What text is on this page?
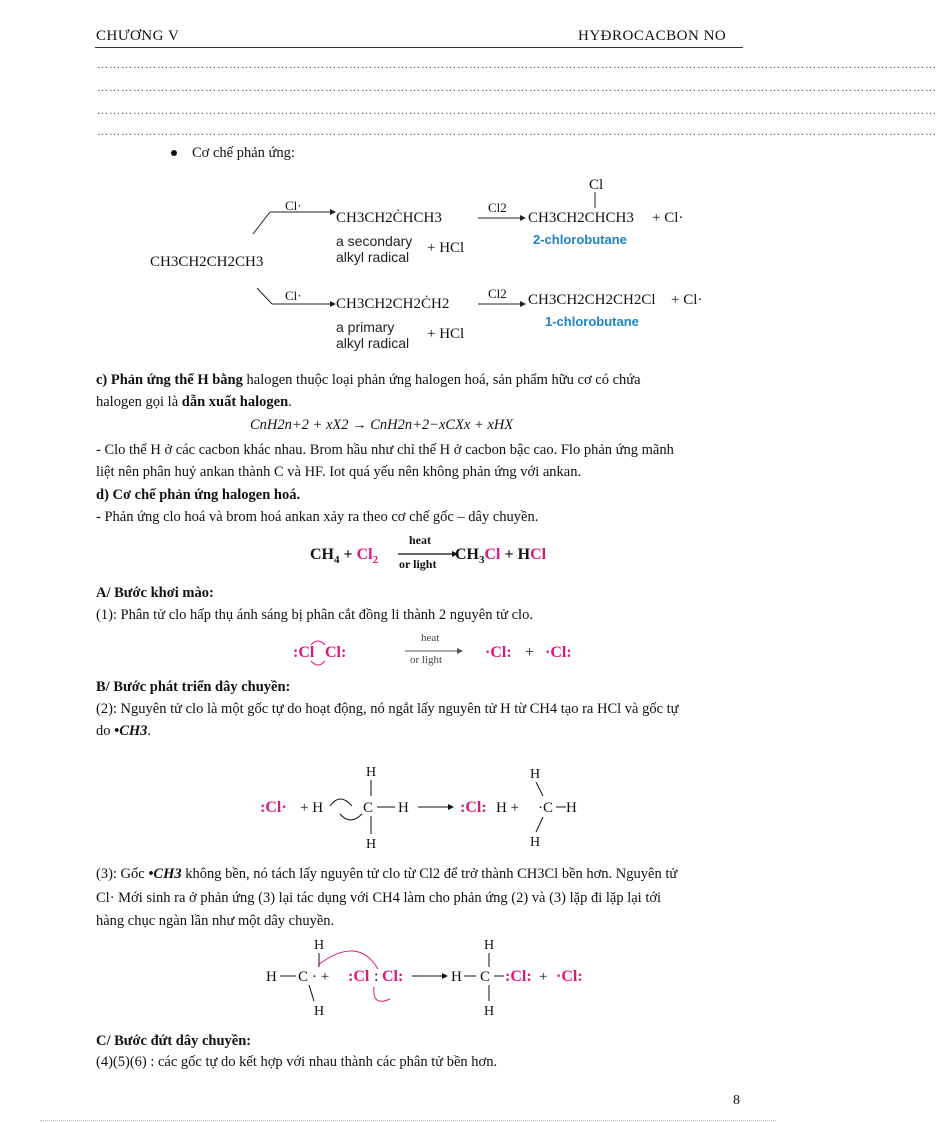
CHƯƠNG V	HYĐROCACBON NO
…………………………………………………………………………………………………………………………………………………………………………………………
…………………………………………………………………………………………………………………………………………………………………………………………
…………………………………………………………………………………………………………………………………………………………………………………………
…………………………………………………………………………………………………………………………………………………………………………………………
Cơ chế phản ứng:
CH3CH2CH2CH3
Cl·
Cl·
CH3CH2ĊHCH3
a secondary
alkyl radical
+ HCl
Cl2
Cl
CH3CH2CHCH3 + Cl·
2-chlorobutane
CH3CH2CH2ĊH2
a primary
alkyl radical
+ HCl
Cl2 CH3CH2CH2CH2Cl + Cl·
1-chlorobutane
c) Phản ứng thế H bằng halogen thuộc loại phản ứng halogen hoá, sản phẩm hữu cơ có chứa
halogen gọi là dẫn xuất halogen.
CnH2n+2 + xX2 → CnH2n+2−xCXx + xHX
- Clo thế H ở các cacbon khác nhau. Brom hầu như chỉ thế H ở cacbon bậc cao. Flo phản ứng mãnh
liệt nên phân huỷ ankan thành C và HF. Iot quá yếu nên không phản ứng với ankan.
d) Cơ chế phản ứng halogen hoá.
- Phản ứng clo hoá và brom hoá ankan xảy ra theo cơ chế gốc – dây chuyền.
$CH_4 + Cl_2$	$CH_3Cl$ + HCl
heat
or light
A/ Bước khơi mào:
(1): Phân tử clo hấp thụ ánh sáng bị phân cắt đồng li thành 2 nguyên tử clo.
:Cl Cl:	·Cl: + ·Cl:
heat
or light
B/ Bước phát triển dây chuyền:
(2): Nguyên tử clo là một gốc tự do hoạt động, nó ngắt lấy nguyên tử H từ CH4 tạo ra HCl và gốc tự
do •CH3.
:Cl· + H
H
C H
H
:Cl: H +
H
·C H
H
(3): Gốc •CH3 không bền, nó tách lấy nguyên tử clo từ Cl2 để trở thành CH3Cl bền hơn. Nguyên tử
Cl· Mới sinh ra ở phản ứng (3) lại tác dụng với CH4 làm cho phản ứng (2) và (3) lặp đi lặp lại tới
hàng chục ngàn lần như một dây chuyền.
H
H C · +
H
:Cl : Cl:	H
H
C
H
:Cl: + ·Cl:
C/ Bước đứt dây chuyền:
(4)(5)(6) : các gốc tự do kết hợp với nhau thành các phân tử bền hơn.
8
